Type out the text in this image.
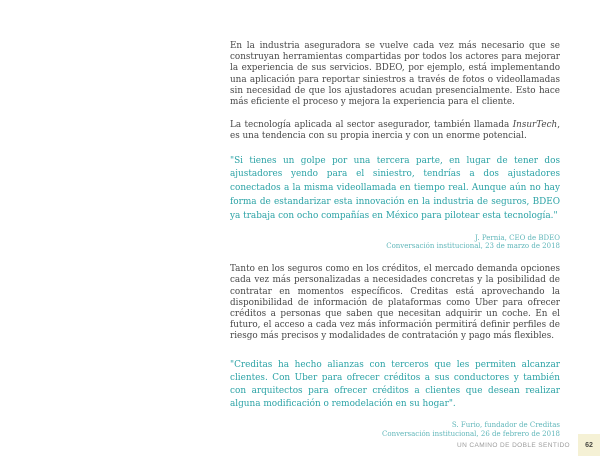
En la industria aseguradora se vuelve cada vez más necesario que se construyan herramientas compartidas por todos los actores para mejorar la experiencia de sus servicios. BDEO, por ejemplo, está implementando una aplicación para reportar siniestros a través de fotos o videollamadas sin necesidad de que los ajustadores acudan presencialmente. Esto hace más eficiente el proceso y mejora la experiencia para el cliente.

La tecnología aplicada al sector asegurador, también llamada InsurTech, es una tendencia con su propia inercia y con un enorme potencial.

"Si tienes un golpe por una tercera parte, en lugar de tener dos ajustadores yendo para el siniestro, tendrías a dos ajustadores conectados a la misma videollamada en tiempo real. Aunque aún no hay forma de estandarizar esta innovación en la industria de seguros, BDEO ya trabaja con ocho compañías en México para pilotear esta tecnología."

J. Pernia, CEO de BDEO
Conversación institucional, 23 de marzo de 2018

Tanto en los seguros como en los créditos, el mercado demanda opciones cada vez más personalizadas a necesidades concretas y la posibilidad de contratar en momentos específicos. Creditas está aprovechando la disponibilidad de información de plataformas como Uber para ofrecer créditos a personas que saben que necesitan adquirir un coche. En el futuro, el acceso a cada vez más información permitirá definir perfiles de riesgo más precisos y modalidades de contratación y pago más flexibles.

"Creditas ha hecho alianzas con terceros que les permiten alcanzar clientes. Con Uber para ofrecer créditos a sus conductores y también con arquitectos para ofrecer créditos a clientes que desean realizar alguna modificación o remodelación en su hogar".

S. Furio, fundador de Creditas
Conversación institucional, 26 de febrero de 2018

UN CAMINO DE DOBLE SENTIDO	62
